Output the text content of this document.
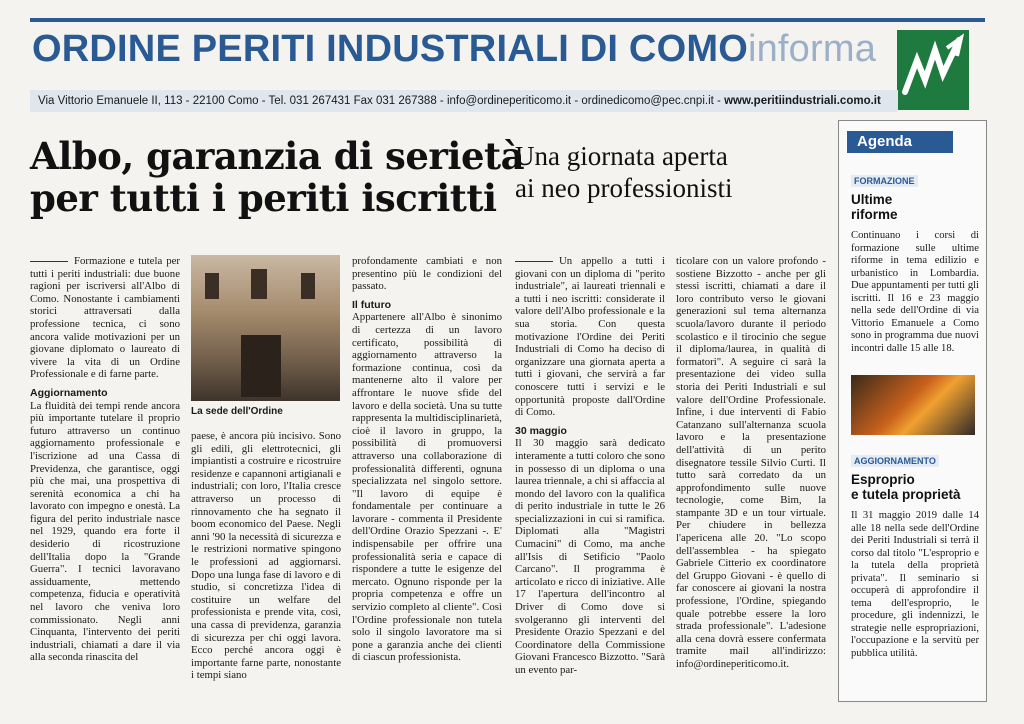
ORDINE PERITI INDUSTRIALI DI COMOinforma
Via Vittorio Emanuele II, 113 - 22100 Como - Tel. 031 267431 Fax 031 267388 - info@ordineperiticomo.it - ordinedicomo@pec.cnpi.it - www.peritiindustriali.como.it
Albo, garanzia di serietà
per tutti i periti iscritti

Formazione e tutela per tutti i periti industriali: due buone ragioni per iscriversi all'Albo di Como. Nonostante i cambiamenti storici attraversati dalla professione tecnica, ci sono ancora valide motivazioni per un giovane diplomato o laureato di vivere la vita di un Ordine Professionale e di farne parte.

Aggiornamento

La fluidità dei tempi rende ancora più importante tutelare il proprio futuro attraverso un continuo aggiornamento professionale e l'iscrizione ad una Cassa di Previdenza, che garantisce, oggi più che mai, una prospettiva di serenità economica a chi ha lavorato con impegno e onestà. La figura del perito industriale nasce nel 1929, quando era forte il desiderio di ricostruzione dell'Italia dopo la "Grande Guerra". I tecnici lavoravano assiduamente, mettendo competenza, fiducia e operatività nel lavoro che veniva loro commissionato. Negli anni Cinquanta, l'intervento dei periti industriali, chiamati a dare il via alla seconda rinascita del

La sede dell'Ordine

paese, è ancora più incisivo. Sono gli edili, gli elettrotecnici, gli impiantisti a costruire e ricostruire residenze e capannoni artigianali e industriali; con loro, l'Italia cresce attraverso un processo di rinnovamento che ha segnato il boom economico del Paese. Negli anni '90 la necessità di sicurezza e le restrizioni normative spingono le professioni ad aggiornarsi. Dopo una lunga fase di lavoro e di studio, si concretizza l'idea di costituire un welfare del professionista e prende vita, così, una cassa di previdenza, garanzia di sicurezza per chi oggi lavora. Ecco perché ancora oggi è importante farne parte, nonostante i tempi siano

profondamente cambiati e non presentino più le condizioni del passato.

Il futuro

Appartenere all'Albo è sinonimo di certezza di un lavoro certificato, possibilità di aggiornamento attraverso la formazione continua, così da mantenerne alto il valore per affrontare le nuove sfide del lavoro e della società. Una su tutte rappresenta la multidisciplinarietà, cioè il lavoro in gruppo, la possibilità di promuoversi attraverso una collaborazione di professionalità differenti, ognuna specializzata nel singolo settore. "Il lavoro di equipe è fondamentale per continuare a lavorare - commenta il Presidente dell'Ordine Orazio Spezzani -. E' indispensabile per offrire una professionalità seria e capace di rispondere a tutte le esigenze del mercato. Ognuno risponde per la propria competenza e offre un servizio completo al cliente". Così l'Ordine professionale non tutela solo il singolo lavoratore ma si pone a garanzia anche dei clienti di ciascun professionista.

Una giornata aperta
ai neo professionisti

Un appello a tutti i giovani con un diploma di "perito industriale", ai laureati triennali e a tutti i neo iscritti: considerate il valore dell'Albo professionale e la sua storia. Con questa motivazione l'Ordine dei Periti Industriali di Como ha deciso di organizzare una giornata aperta a tutti i giovani, che servirà a far conoscere tutti i servizi e le opportunità proposte dall'Ordine di Como.

30 maggio

Il 30 maggio sarà dedicato interamente a tutti coloro che sono in possesso di un diploma o una laurea triennale, a chi si affaccia al mondo del lavoro con la qualifica di perito industriale in tutte le 26 specializzazioni in cui si ramifica. Diplomati alla "Magistri Cumacini" di Como, ma anche all'Isis di Setificio "Paolo Carcano". Il programma è articolato e ricco di iniziative. Alle 17 l'apertura dell'incontro al Driver di Como dove si svolgeranno gli interventi del Presidente Orazio Spezzani e del Coordinatore della Commissione Giovani Francesco Bizzotto. "Sarà un evento par-

ticolare con un valore profondo - sostiene Bizzotto - anche per gli stessi iscritti, chiamati a dare il loro contributo verso le giovani generazioni sul tema alternanza scuola/lavoro durante il periodo scolastico e il tirocinio che segue il diploma/laurea, in qualità di formatori". A seguire ci sarà la presentazione dei video sulla storia dei Periti Industriali e sul valore dell'Ordine Professionale. Infine, i due interventi di Fabio Catanzano sull'alternanza scuola lavoro e la presentazione dell'attività di un perito disegnatore tessile Silvio Curti. Il tutto sarà corredato da un approfondimento sulle nuove tecnologie, come Bim, la stampante 3D e un tour virtuale. Per chiudere in bellezza l'apericena alle 20. "Lo scopo dell'assemblea - ha spiegato Gabriele Citterio ex coordinatore del Gruppo Giovani - è quello di far conoscere ai giovani la nostra professione, l'Ordine, spiegando quale potrebbe essere la loro strada professionale". L'adesione alla cena dovrà essere confermata tramite mail all'indirizzo: info@ordineperiticomo.it.

Agenda
FORMAZIONE
Ultime
riforme
Continuano i corsi di formazione sulle ultime riforme in tema edilizio e urbanistico in Lombardia. Due appuntamenti per tutti gli iscritti. Il 16 e 23 maggio nella sede dell'Ordine di via Vittorio Emanuele a Como sono in programma due nuovi incontri dalle 15 alle 18.
AGGIORNAMENTO
Esproprio
e tutela proprietà
Il 31 maggio 2019 dalle 14 alle 18 nella sede dell'Ordine dei Periti Industriali si terrà il corso dal titolo "L'esproprio e la tutela della proprietà privata". Il seminario si occuperà di approfondire il tema dell'esproprio, le procedure, gli indennizzi, le strategie nelle espropriazioni, l'occupazione e la servitù per pubblica utilità.
